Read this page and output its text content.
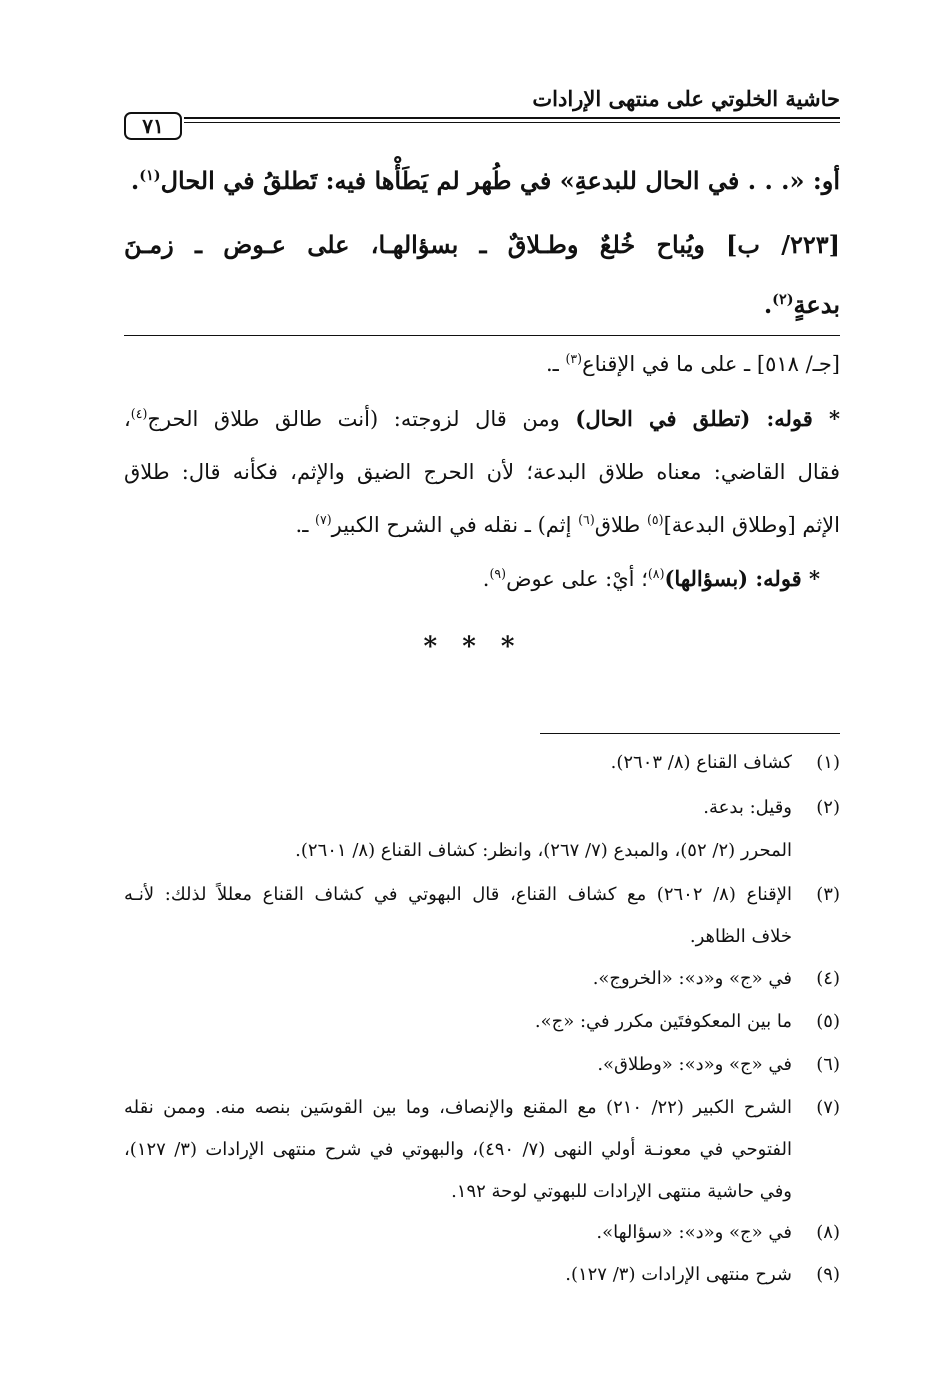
حاشية الخلوتي على منتهى الإرادات
٧١
أو: «. . . في الحال للبدعةِ» في طُهر لم يَطَأْها فيه: تَطلقُ في الحال$^{(١)}$.
[٢٢٣/ ب] ويُباح خُلعٌ وطـلاقٌ ـ بسؤالهـا، على عـوض ـ زمـنَ
بدعةٍ$^{(٢)}$.
[جـ/ ٥١٨] ـ على ما في الإقناع$^{(٣)}$ ـ.
* قوله: (تطلق في الحال) ومن قال لزوجته: (أنت طالق طلاق الحرج$^{(٤)}$،
فقال القاضي: معناه طلاق البدعة؛ لأن الحرج الضيق والإثم، فكأنه قال: طلاق
الإثم [وطلاق البدعة]$^{(٥)}$ طلاق$^{(٦)}$ إثم) ـ نقله في الشرح الكبير$^{(٧)}$ ـ.
* قوله: (بسؤالها)$^{(٨)}$؛ أيْ: على عوض$^{(٩)}$.
* * *
(١)
كشاف القناع (٨/ ٢٦٠٣).
(٢)
وقيل: بدعة.
المحرر (٢/ ٥٢)، والمبدع (٧/ ٢٦٧)، وانظر: كشاف القناع (٨/ ٢٦٠١).
(٣)
الإقناع (٨/ ٢٦٠٢) مع كشاف القناع، قال البهوتي في كشاف القناع معللاً لذلك: لأنـه
خلاف الظاهر.
(٤)
في «ج» و«د»: «الخروج».
(٥)
ما بين المعكوفتَين مكرر في: «ج».
(٦)
في «ج» و«د»: «وطلاق».
(٧)
الشرح الكبير (٢٢/ ٢١٠) مع المقنع والإنصاف، وما بين القوسَين بنصه منه. وممن نقله
الفتوحي في معونـة أولي النهى (٧/ ٤٩٠)، والبهوتي في شرح منتهى الإرادات (٣/ ١٢٧)،
وفي حاشية منتهى الإرادات للبهوتي لوحة ١٩٢.
(٨)
في «ج» و«د»: «سؤالها».
(٩)
شرح منتهى الإرادات (٣/ ١٢٧).
